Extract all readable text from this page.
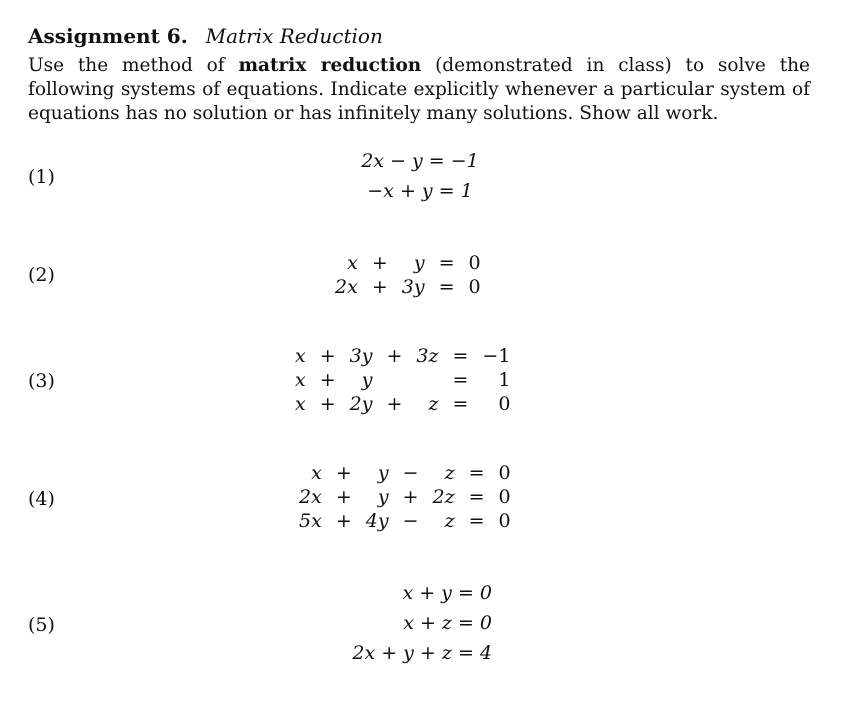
Assignment 6. Matrix Reduction
Use the method of matrix reduction (demonstrated in class) to solve the following systems of equations. Indicate explicitly whenever a particular system of equations has no solution or has infinitely many solutions. Show all work.
(1)
2x − y = −1
−x + y = 1
(2)
x	+	y	=	0
2x	+	3y	=	0
(3)
x	+	3y	+	3z	=	−1
x	+	y			=	1
x	+	2y	+	z	=	0
(4)
x	+	y	−	z	=	0
2x	+	y	+	2z	=	0
5x	+	4y	−	z	=	0
(5)
x + y = 0
x + z = 0
2x + y + z = 4
